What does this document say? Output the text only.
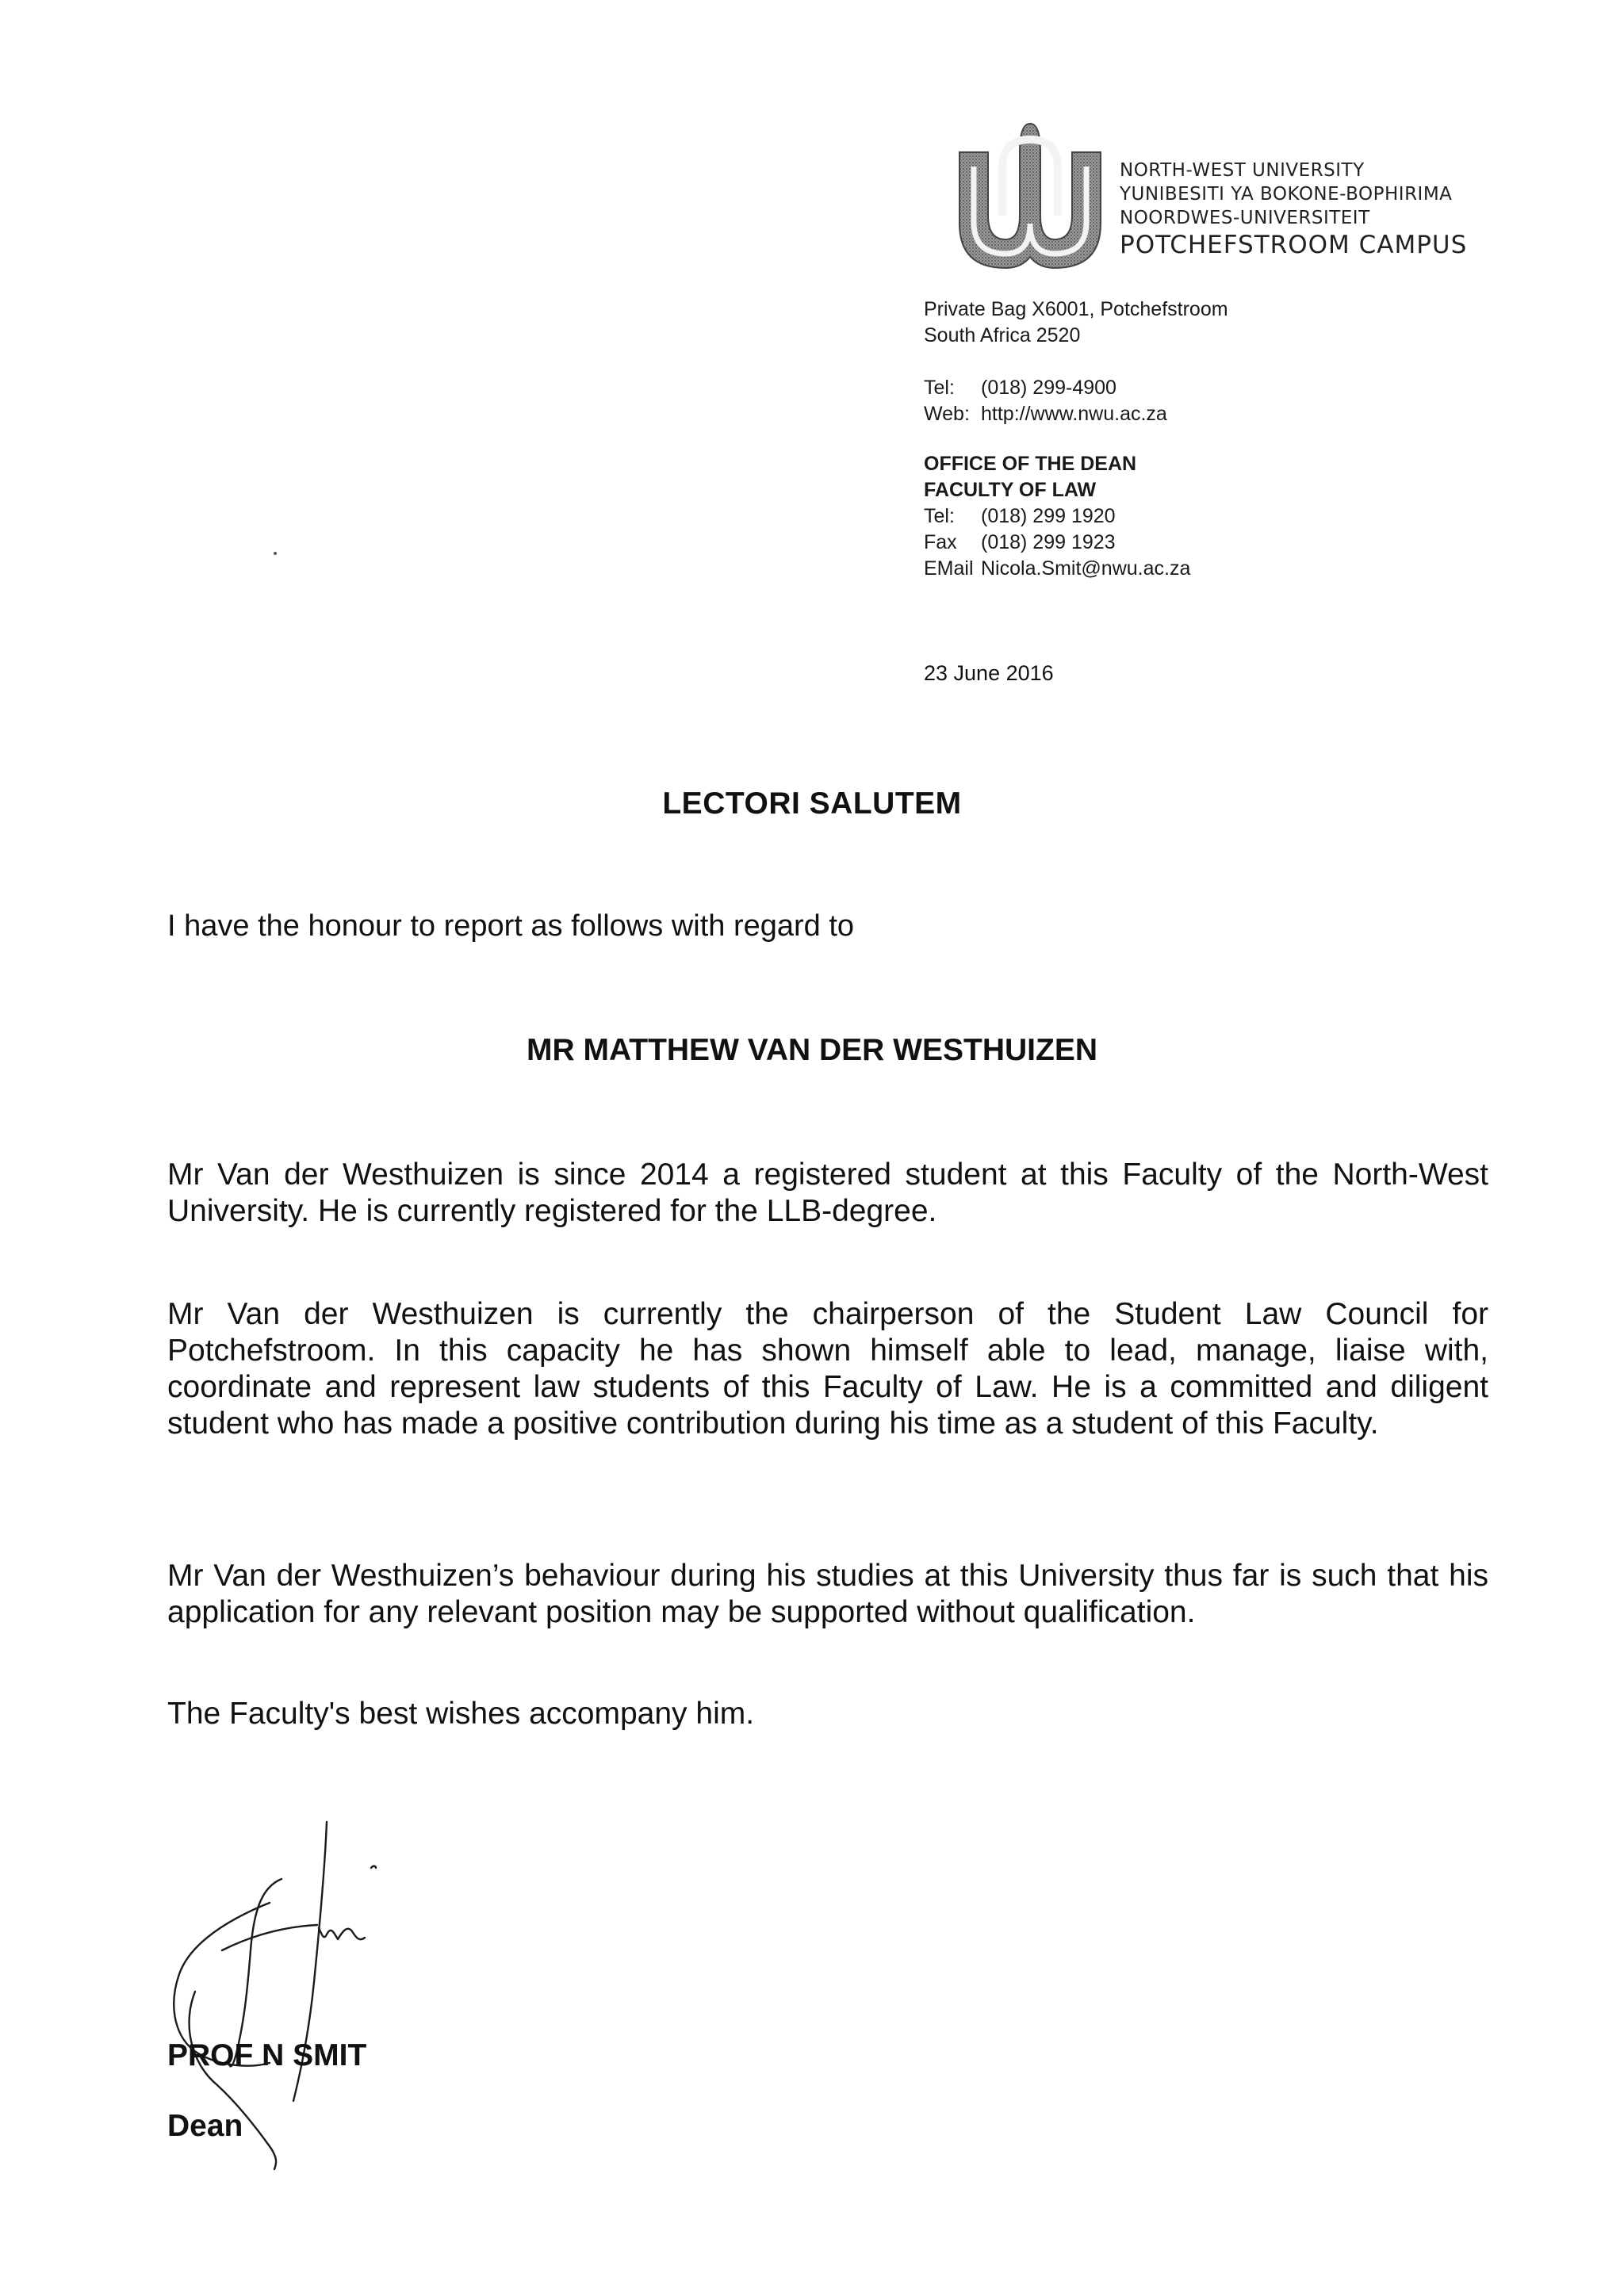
NORTH-WEST UNIVERSITY
YUNIBESITI YA BOKONE-BOPHIRIMA
NOORDWES-UNIVERSITEIT
POTCHEFSTROOM CAMPUS
Private Bag X6001, Potchefstroom
South Africa 2520
Tel: (018) 299-4900
Web: http://www.nwu.ac.za
OFFICE OF THE DEAN
FACULTY OF LAW
Tel: (018) 299 1920
Fax (018) 299 1923
EMail Nicola.Smit@nwu.ac.za
23 June 2016
LECTORI SALUTEM
I have the honour to report as follows with regard to
MR MATTHEW VAN DER WESTHUIZEN
Mr Van der Westhuizen is since 2014 a registered student at this Faculty of the North-West University. He is currently registered for the LLB-degree.
Mr Van der Westhuizen is currently the chairperson of the Student Law Council for Potchefstroom. In this capacity he has shown himself able to lead, manage, liaise with, coordinate and represent law students of this Faculty of Law. He is a committed and diligent student who has made a positive contribution during his time as a student of this Faculty.
Mr Van der Westhuizen’s behaviour during his studies at this University thus far is such that his application for any relevant position may be supported without qualification.
The Faculty's best wishes accompany him.
PROF N SMIT
Dean
